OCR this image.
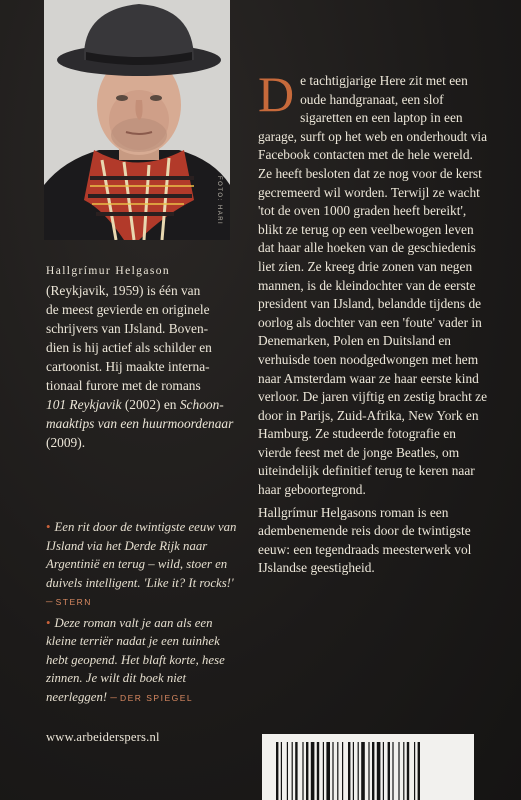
FOTO: HARI

Hallgrímur Helgason

(Reykjavik, 1959) is één van

de meest gevierde en originele

schrijvers van IJsland. Boven-

dien is hij actief als schilder en

cartoonist. Hij maakte interna-

tionaal furore met de romans

101 Reykjavik (2002) en Schoon-

maaktips van een huurmoordenaar

(2009).

• Een rit door de twintigste eeuw van IJsland via het Derde Rijk naar Argentinië en terug – wild, stoer en duivels intelligent. 'Like it? It rocks!'
– STERN

• Deze roman valt je aan als een kleine terriër nadat je een tuinhek hebt geopend. Het blaft korte, hese zinnen. Je wilt dit boek niet neerleggen! – DER SPIEGEL

www.arbeiderspers.nl

De tachtigjarige Here zit met een oude handgranaat, een slof sigaretten en een laptop in een garage, surft op het web en onderhoudt via Facebook contacten met de hele wereld. Ze heeft besloten dat ze nog voor de kerst gecremeerd wil worden. Terwijl ze wacht 'tot de oven 1000 graden heeft bereikt', blikt ze terug op een veelbewogen leven dat haar alle hoeken van de geschiedenis liet zien. Ze kreeg drie zonen van negen mannen, is de kleindochter van de eerste president van IJsland, belandde tijdens de oorlog als dochter van een 'foute' vader in Denemarken, Polen en Duitsland en verhuisde toen noodgedwongen met hem naar Amsterdam waar ze haar eerste kind verloor. De jaren vijftig en zestig bracht ze door in Parijs, Zuid-Afrika, New York en Hamburg. Ze studeerde fotografie en vierde feest met de jonge Beatles, om uiteindelijk definitief terug te keren naar haar geboortegrond.

Hallgrímur Helgasons roman is een adembenemende reis door de twintigste eeuw: een tegendraads meesterwerk vol IJslandse geestigheid.
